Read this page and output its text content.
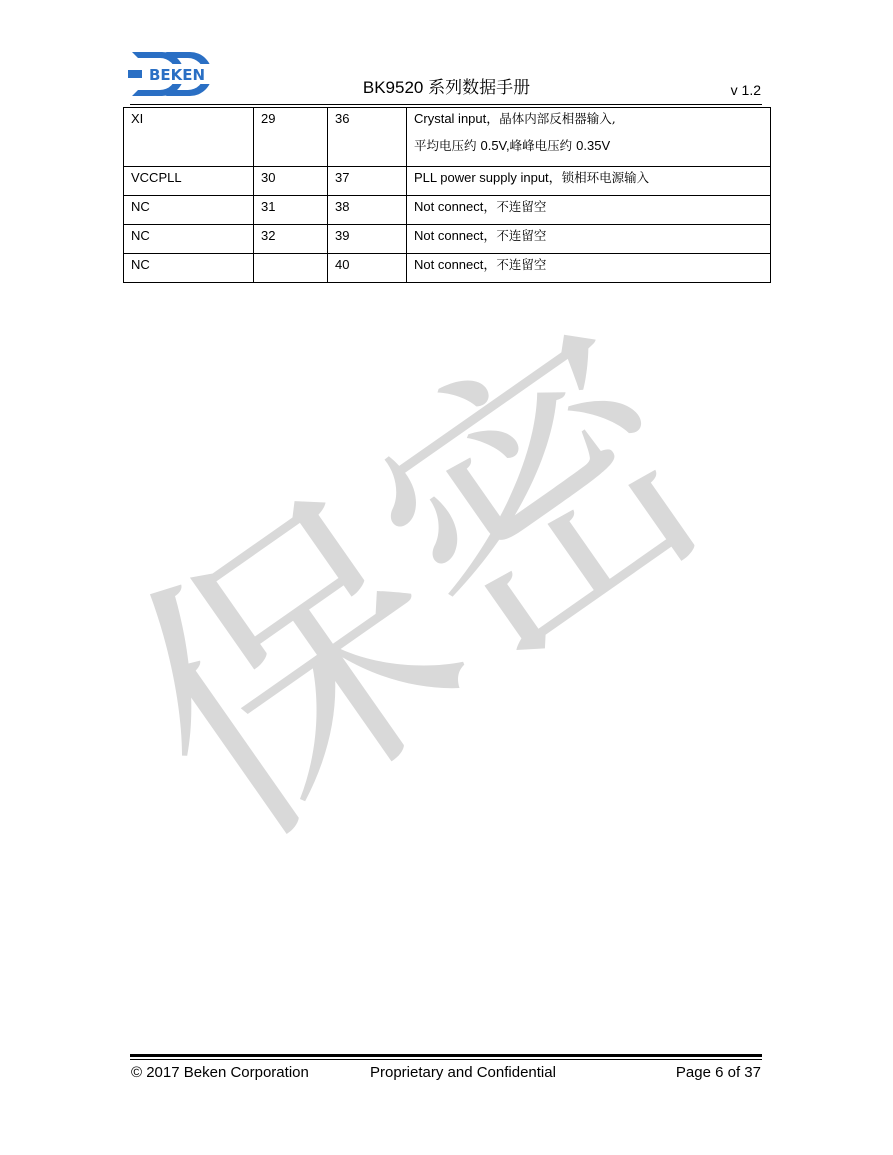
BEKEN
BK9520 系列数据手册	v 1.2
XI	29	36	Crystal input，晶体内部反相器输入,
平均电压约 0.5V,峰峰电压约 0.35V

VCCPLL	30	37	PLL power supply input，锁相环电源输入
NC	31	38	Not connect，不连留空
NC	32	39	Not connect，不连留空
NC		40	Not connect，不连留空
保密
© 2017 Beken Corporation	Proprietary and Confidential	Page 6 of 37
